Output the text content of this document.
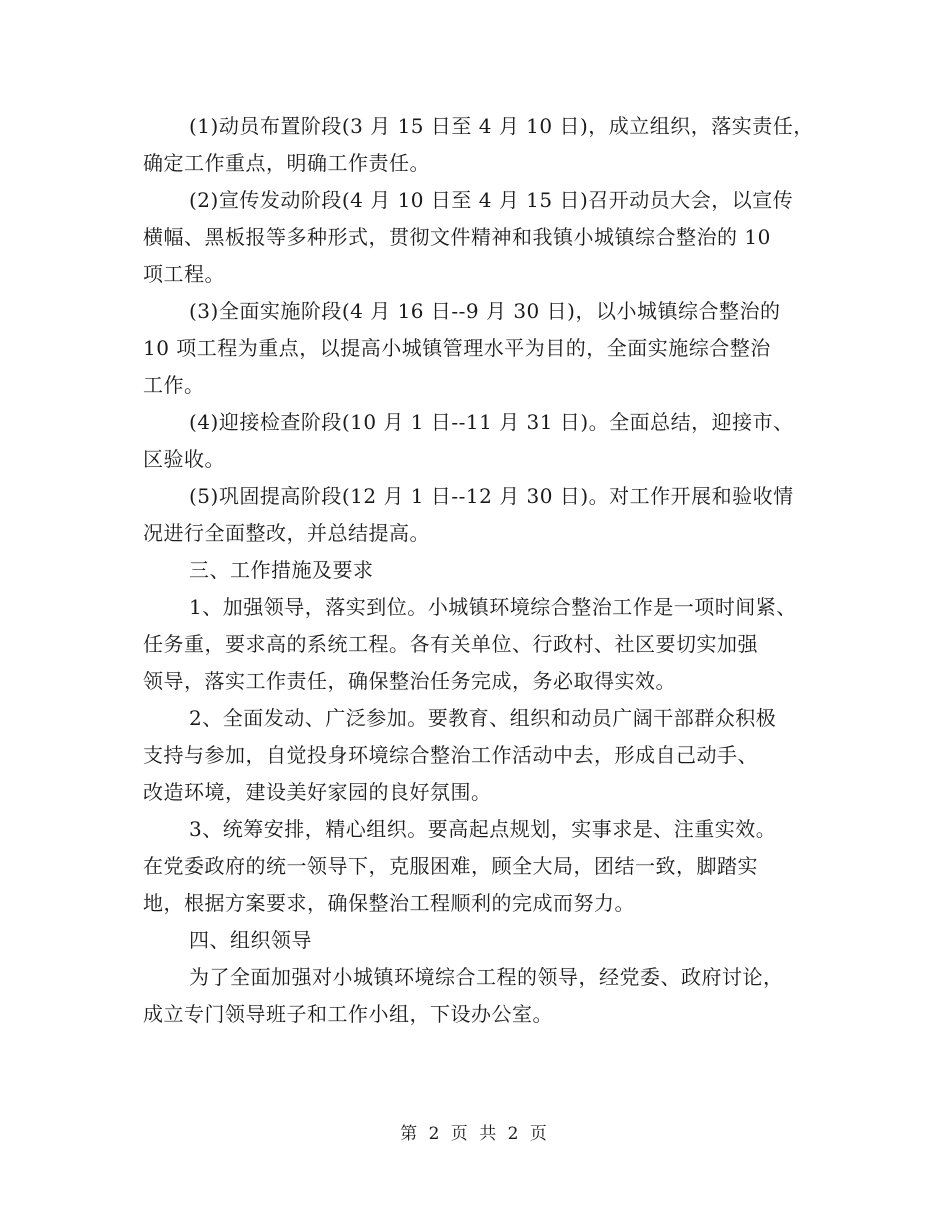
(1)动员布置阶段(3 月 15 日至 4 月 10 日)，成立组织，落实责任，
确定工作重点，明确工作责任。
(2)宣传发动阶段(4 月 10 日至 4 月 15 日)召开动员大会，以宣传
横幅、黑板报等多种形式，贯彻文件精神和我镇小城镇综合整治的 10
项工程。
(3)全面实施阶段(4 月 16 日--9 月 30 日)，以小城镇综合整治的
10 项工程为重点，以提高小城镇管理水平为目的，全面实施综合整治
工作。
(4)迎接检查阶段(10 月 1 日--11 月 31 日)。全面总结，迎接市、
区验收。
(5)巩固提高阶段(12 月 1 日--12 月 30 日)。对工作开展和验收情
况进行全面整改，并总结提高。
三、工作措施及要求
1、加强领导，落实到位。小城镇环境综合整治工作是一项时间紧、
任务重，要求高的系统工程。各有关单位、行政村、社区要切实加强
领导，落实工作责任，确保整治任务完成，务必取得实效。
2、全面发动、广泛参加。要教育、组织和动员广阔干部群众积极
支持与参加，自觉投身环境综合整治工作活动中去，形成自己动手、
改造环境，建设美好家园的良好氛围。
3、统筹安排，精心组织。要高起点规划，实事求是、注重实效。
在党委政府的统一领导下，克服困难，顾全大局，团结一致，脚踏实
地，根据方案要求，确保整治工程顺利的完成而努力。
四、组织领导
为了全面加强对小城镇环境综合工程的领导，经党委、政府讨论，
成立专门领导班子和工作小组，下设办公室。
第 2 页 共 2 页
